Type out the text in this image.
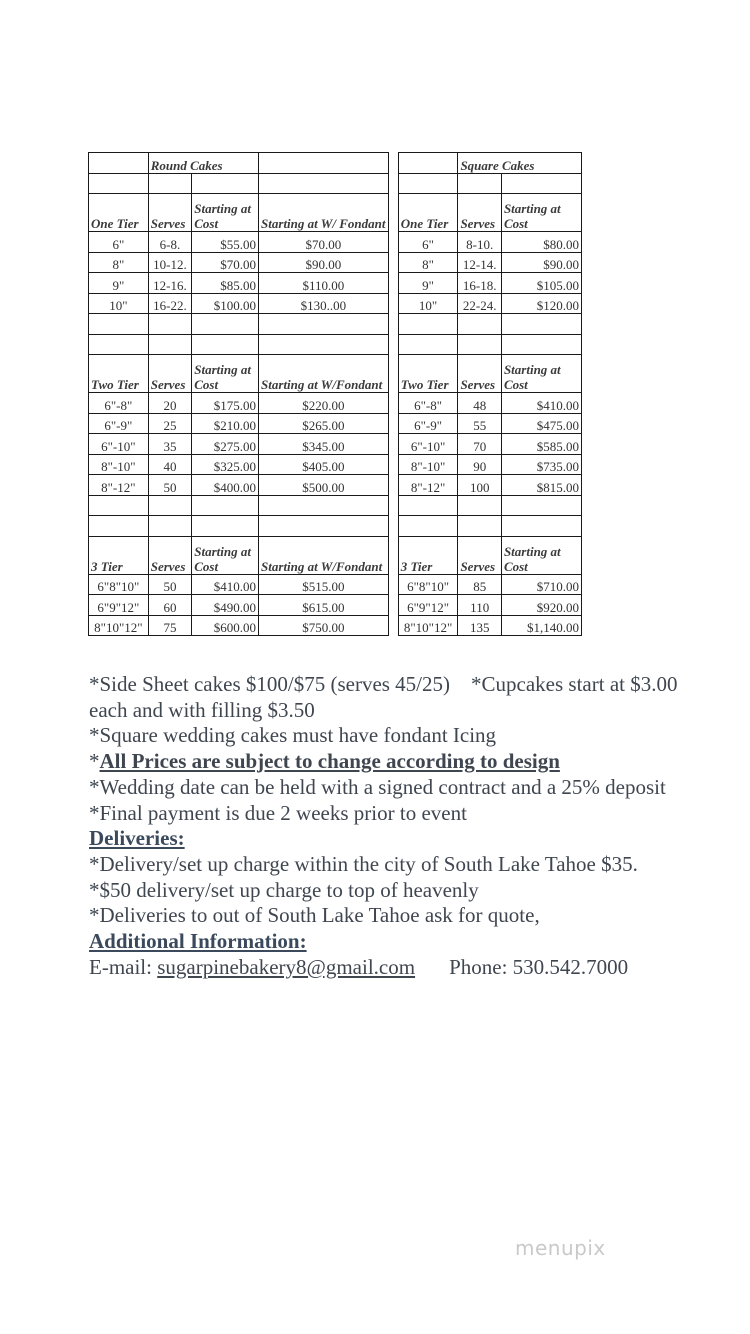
	Round Cakes					Square Cakes	

One Tier	Serves	Starting at Cost	Starting at W/ Fondant		One Tier	Serves	Starting at Cost
6"	6-8.	$55.00	$70.00		6"	8-10.	$80.00
8"	10-12.	$70.00	$90.00		8"	12-14.	$90.00
9"	12-16.	$85.00	$110.00		9"	16-18.	$105.00
10"	16-22.	$100.00	$130..00		10"	22-24.	$120.00

Two Tier	Serves	Starting at Cost	Starting at W/Fondant		Two Tier	Serves	Starting at Cost
6"-8"	20	$175.00	$220.00		6"-8"	48	$410.00
6"-9"	25	$210.00	$265.00		6"-9"	55	$475.00
6"-10"	35	$275.00	$345.00		6"-10"	70	$585.00
8"-10"	40	$325.00	$405.00		8"-10"	90	$735.00
8"-12"	50	$400.00	$500.00		8"-12"	100	$815.00

3 Tier	Serves	Starting at Cost	Starting at W/Fondant		3 Tier	Serves	Starting at Cost
6"8"10"	50	$410.00	$515.00		6"8"10"	85	$710.00
6"9"12"	60	$490.00	$615.00		6"9"12"	110	$920.00
8"10"12"	75	$600.00	$750.00		8"10"12"	135	$1,140.00

*Side Sheet cakes $100/$75 (serves 45/25) *Cupcakes start at $3.00 each and with filling $3.50

*Square wedding cakes must have fondant Icing

*All Prices are subject to change according to design

*Wedding date can be held with a signed contract and a 25% deposit

*Final payment is due 2 weeks prior to event

Deliveries:

*Delivery/set up charge within the city of South Lake Tahoe $35.

*$50 delivery/set up charge to top of heavenly

*Deliveries to out of South Lake Tahoe ask for quote,

Additional Information:

E-mail: sugarpinebakery8@gmail.com Phone: 530.542.7000

menupix
